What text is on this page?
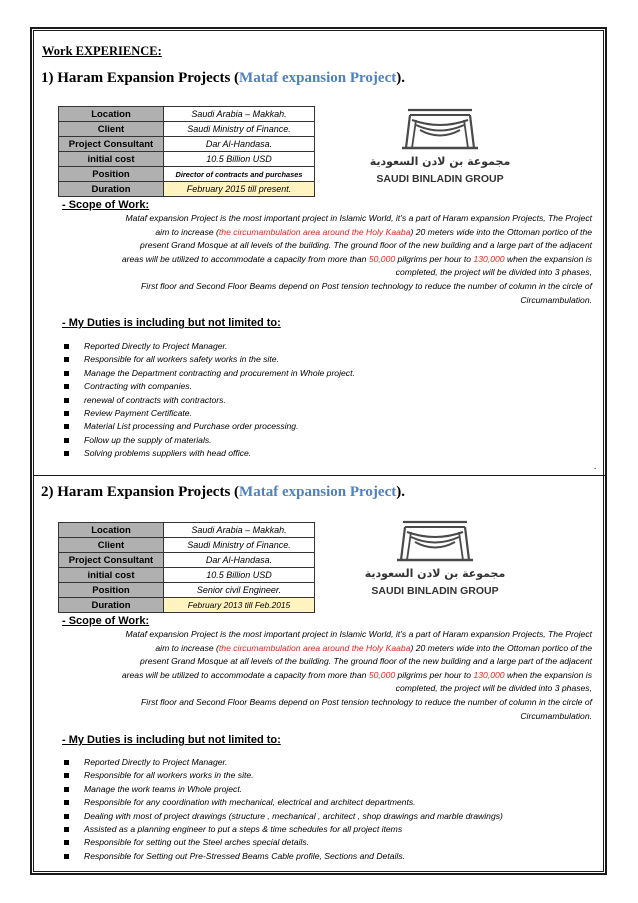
Work EXPERIENCE:
1) Haram Expansion Projects (Mataf expansion Project).
Location	Saudi Arabia – Makkah.
Client	Saudi Ministry of Finance.
Project Consultant	Dar Al-Handasa.
initial cost	10.5 Billion USD
Position	Director of contracts and purchases
Duration	February 2015 till present.
مجموعة بن لادن السعودية
SAUDI BINLADIN GROUP
- Scope of Work:
Mataf expansion Project is the most important project in Islamic World, it’s a part of Haram expansion Projects, The Project
aim to increase (the circumambulation area around the Holy Kaaba) 20 meters wide into the Ottoman portico of the
present Grand Mosque at all levels of the building. The ground floor of the new building and a large part of the adjacent
areas will be utilized to accommodate a capacity from more than 50,000 pilgrims per hour to 130,000 when the expansion is
completed, the project will be divided into 3 phases,
First floor and Second Floor Beams depend on Post tension technology to reduce the number of column in the circle of
Circumambulation.
- My Duties is including but not limited to:
Reported Directly to Project Manager.
Responsible for all workers safety works in the site.
Manage the Department contracting and procurement in Whole project.
Contracting with companies.
renewal of contracts with contractors.
Review Payment Certificate.
Material List processing and Purchase order processing.
Follow up the supply of materials.
Solving problems suppliers with head office.
.
2) Haram Expansion Projects (Mataf expansion Project).
Location	Saudi Arabia – Makkah.
Client	Saudi Ministry of Finance.
Project Consultant	Dar Al-Handasa.
initial cost	10.5 Billion USD
Position	Senior civil Engineer.
Duration	February 2013 till Feb.2015
مجموعة بن لادن السعودية
SAUDI BINLADIN GROUP
- Scope of Work:
Mataf expansion Project is the most important project in Islamic World, it’s a part of Haram expansion Projects, The Project
aim to increase (the circumambulation area around the Holy Kaaba) 20 meters wide into the Ottoman portico of the
present Grand Mosque at all levels of the building. The ground floor of the new building and a large part of the adjacent
areas will be utilized to accommodate a capacity from more than 50,000 pilgrims per hour to 130,000 when the expansion is
completed, the project will be divided into 3 phases,
First floor and Second Floor Beams depend on Post tension technology to reduce the number of column in the circle of
Circumambulation.
- My Duties is including but not limited to:
Reported Directly to Project Manager.
Responsible for all workers works in the site.
Manage the work teams in Whole project.
Responsible for any coordination with mechanical, electrical and architect departments.
Dealing with most of project drawings (structure , mechanical , architect , shop drawings and marble drawings)
Assisted as a planning engineer to put a steps & time schedules for all project items
Responsible for setting out the Steel arches special details.
Responsible for Setting out Pre-Stressed Beams Cable profile, Sections and Details.
